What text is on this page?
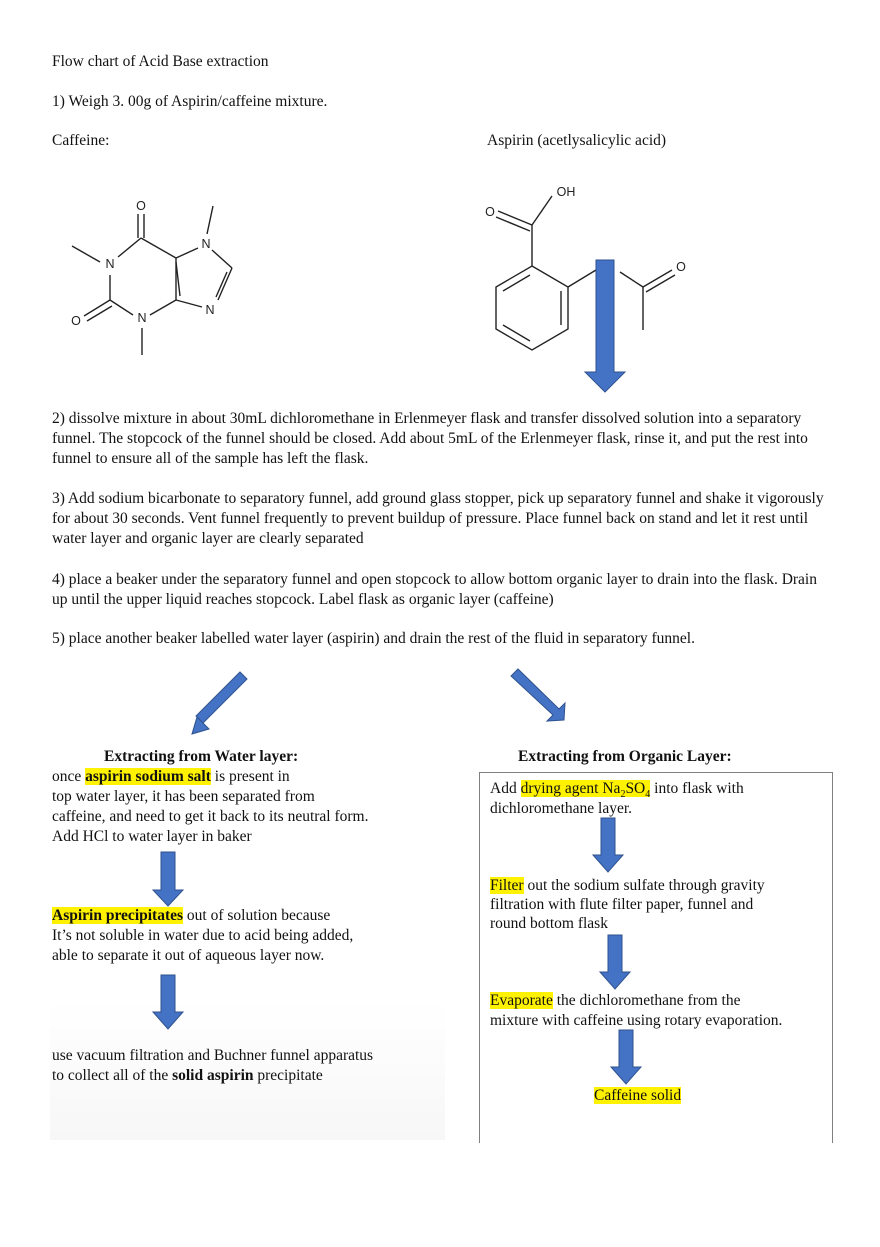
Flow chart of Acid Base extraction
1) Weigh 3. 00g of Aspirin/caffeine mixture.
Caffeine:	Aspirin (acetlysalicylic acid)
O
O
N
N
N
N
OH
O
O
2) dissolve mixture in about 30mL dichloromethane in Erlenmeyer flask and transfer dissolved solution into a separatory funnel. The stopcock of the funnel should be closed. Add about 5mL of the Erlenmeyer flask, rinse it, and put the rest into funnel to ensure all of the sample has left the flask.
3) Add sodium bicarbonate to separatory funnel, add ground glass stopper, pick up separatory funnel and shake it vigorously for about 30 seconds. Vent funnel frequently to prevent buildup of pressure. Place funnel back on stand and let it rest until water layer and organic layer are clearly separated
4) place a beaker under the separatory funnel and open stopcock to allow bottom organic layer to drain into the flask. Drain up until the upper liquid reaches stopcock. Label flask as organic layer (caffeine)
5) place another beaker labelled water layer (aspirin) and drain the rest of the fluid in separatory funnel.
Extracting from Water layer:
once aspirin sodium salt is present in
top water layer, it has been separated from
caffeine, and need to get it back to its neutral form.
Add HCl to water layer in baker
Aspirin precipitates out of solution because
It’s not soluble in water due to acid being added,
able to separate it out of aqueous layer now.
use vacuum filtration and Buchner funnel apparatus
to collect all of the solid aspirin precipitate
Extracting from Organic Layer:
Add drying agent $Na_2SO_4$ into flask with
dichloromethane layer.
Filter out the sodium sulfate through gravity
filtration with flute filter paper, funnel and
round bottom flask
Evaporate the dichloromethane from the
mixture with caffeine using rotary evaporation.
Caffeine solid
